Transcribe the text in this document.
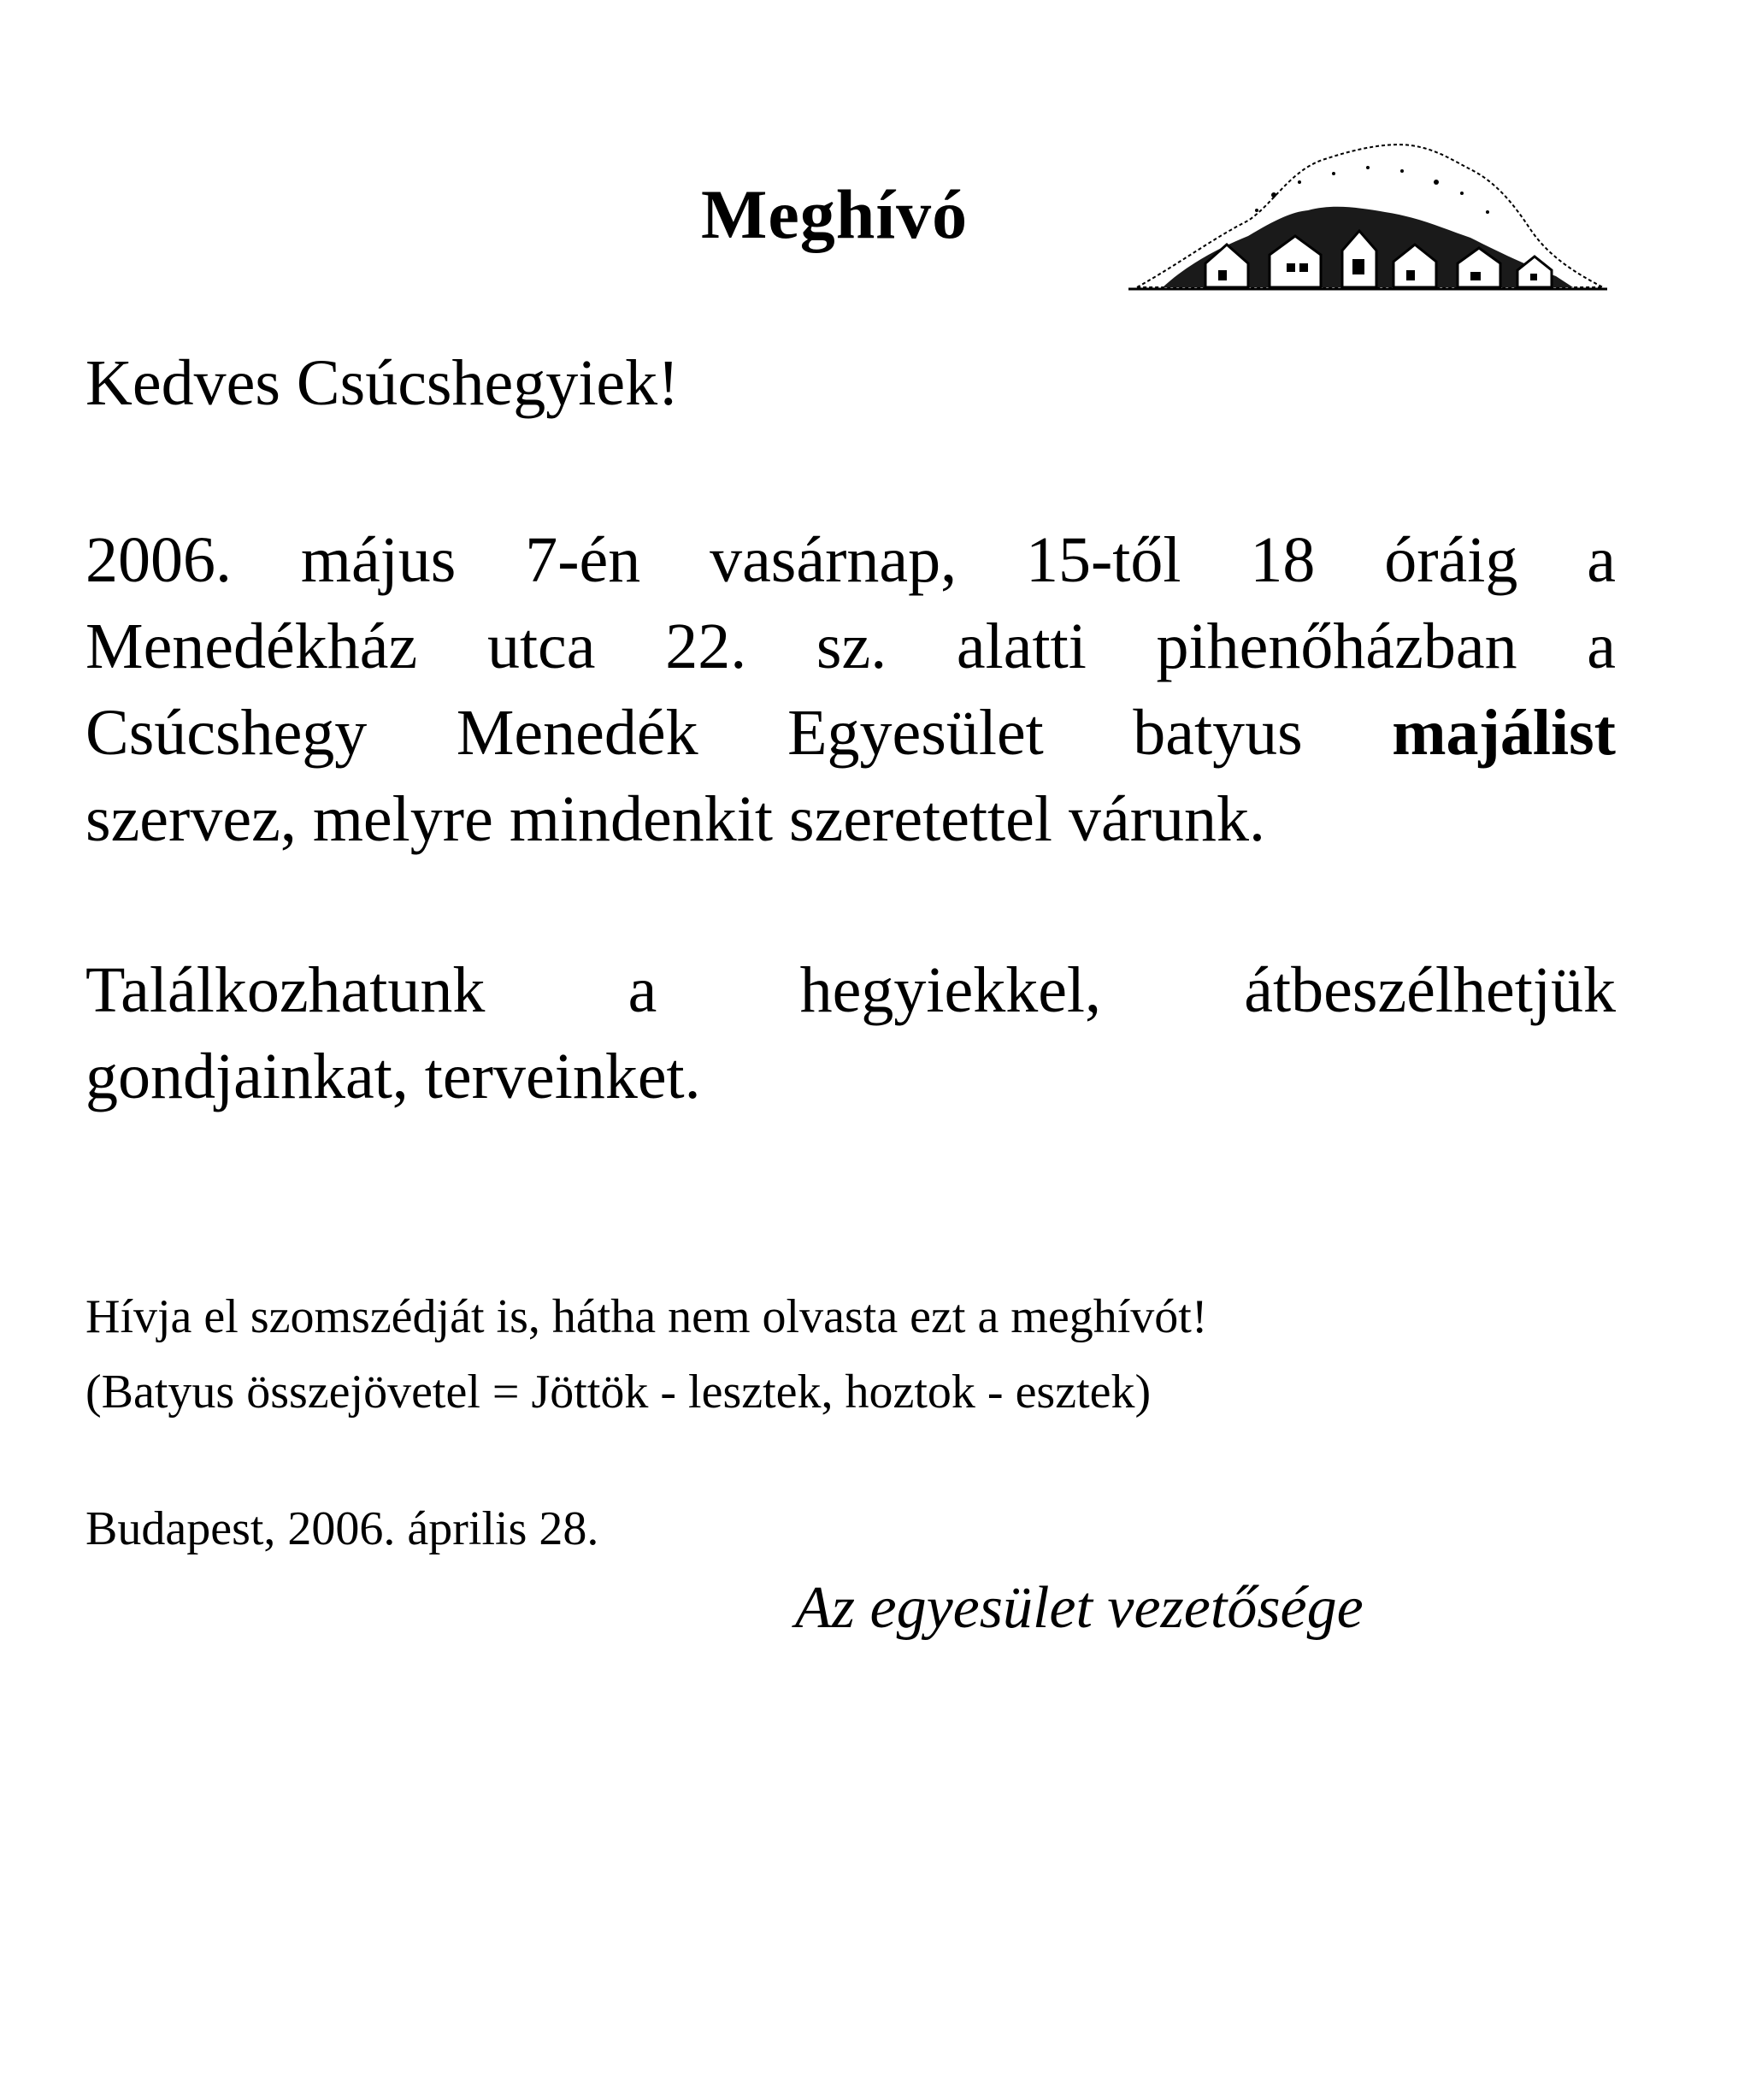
Meghívó

Kedves Csúcshegyiek!

2006. május 7-én vasárnap, 15-től 18 óráig a
Menedékház utca 22. sz. alatti pihenőházban a
Csúcshegy Menedék Egyesület batyus majálist
szervez, melyre mindenkit szeretettel várunk.
Találkozhatunk a hegyiekkel, átbeszélhetjük
gondjainkat, terveinket.

Hívja el szomszédját is, hátha nem olvasta ezt a meghívót!

(Batyus összejövetel = Jöttök - lesztek, hoztok - esztek)

Budapest, 2006. április 28.

Az egyesület vezetősége
